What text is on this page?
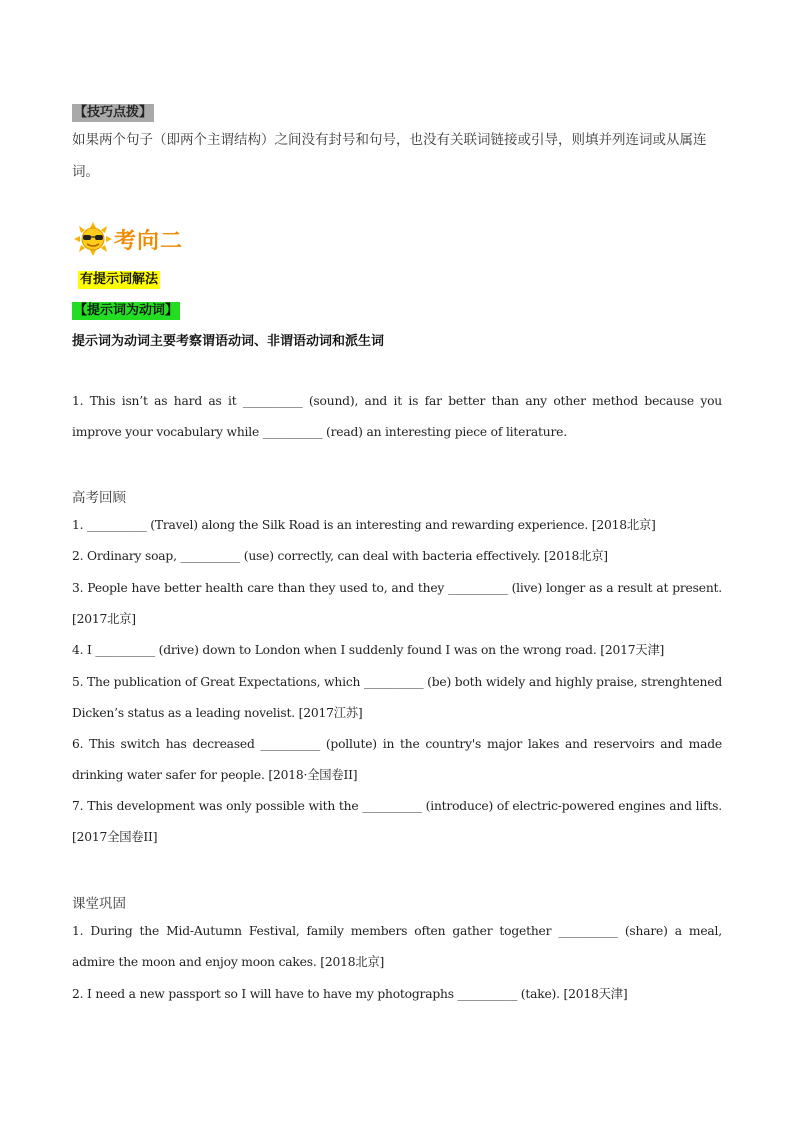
【技巧点拨】
如果两个句子（即两个主谓结构）之间没有封号和句号，也没有关联词链接或引导，则填并列连词或从属连词。
考向二
有提示词解法
【提示词为动词】
提示词为动词主要考察谓语动词、非谓语动词和派生词
1. This isn’t as hard as it __________ (sound), and it is far better than any other method because you improve your vocabulary while __________ (read) an interesting piece of literature.
高考回顾
1. __________ (Travel) along the Silk Road is an interesting and rewarding experience. [2018北京]
2. Ordinary soap, __________ (use) correctly, can deal with bacteria effectively. [2018北京]
3. People have better health care than they used to, and they __________ (live) longer as a result at present. [2017北京]
4. I __________ (drive) down to London when I suddenly found I was on the wrong road. [2017天津]
5. The publication of Great Expectations, which __________ (be) both widely and highly praise, strenghtened Dicken’s status as a leading novelist. [2017江苏]
6. This switch has decreased __________ (pollute) in the country's major lakes and reservoirs and made drinking water safer for people. [2018·全国卷II]
7. This development was only possible with the __________ (introduce) of electric-powered engines and lifts. [2017全国卷II]
课堂巩固
1. During the Mid-Autumn Festival, family members often gather together __________ (share) a meal, admire the moon and enjoy moon cakes. [2018北京]
2. I need a new passport so I will have to have my photographs __________ (take). [2018天津]
